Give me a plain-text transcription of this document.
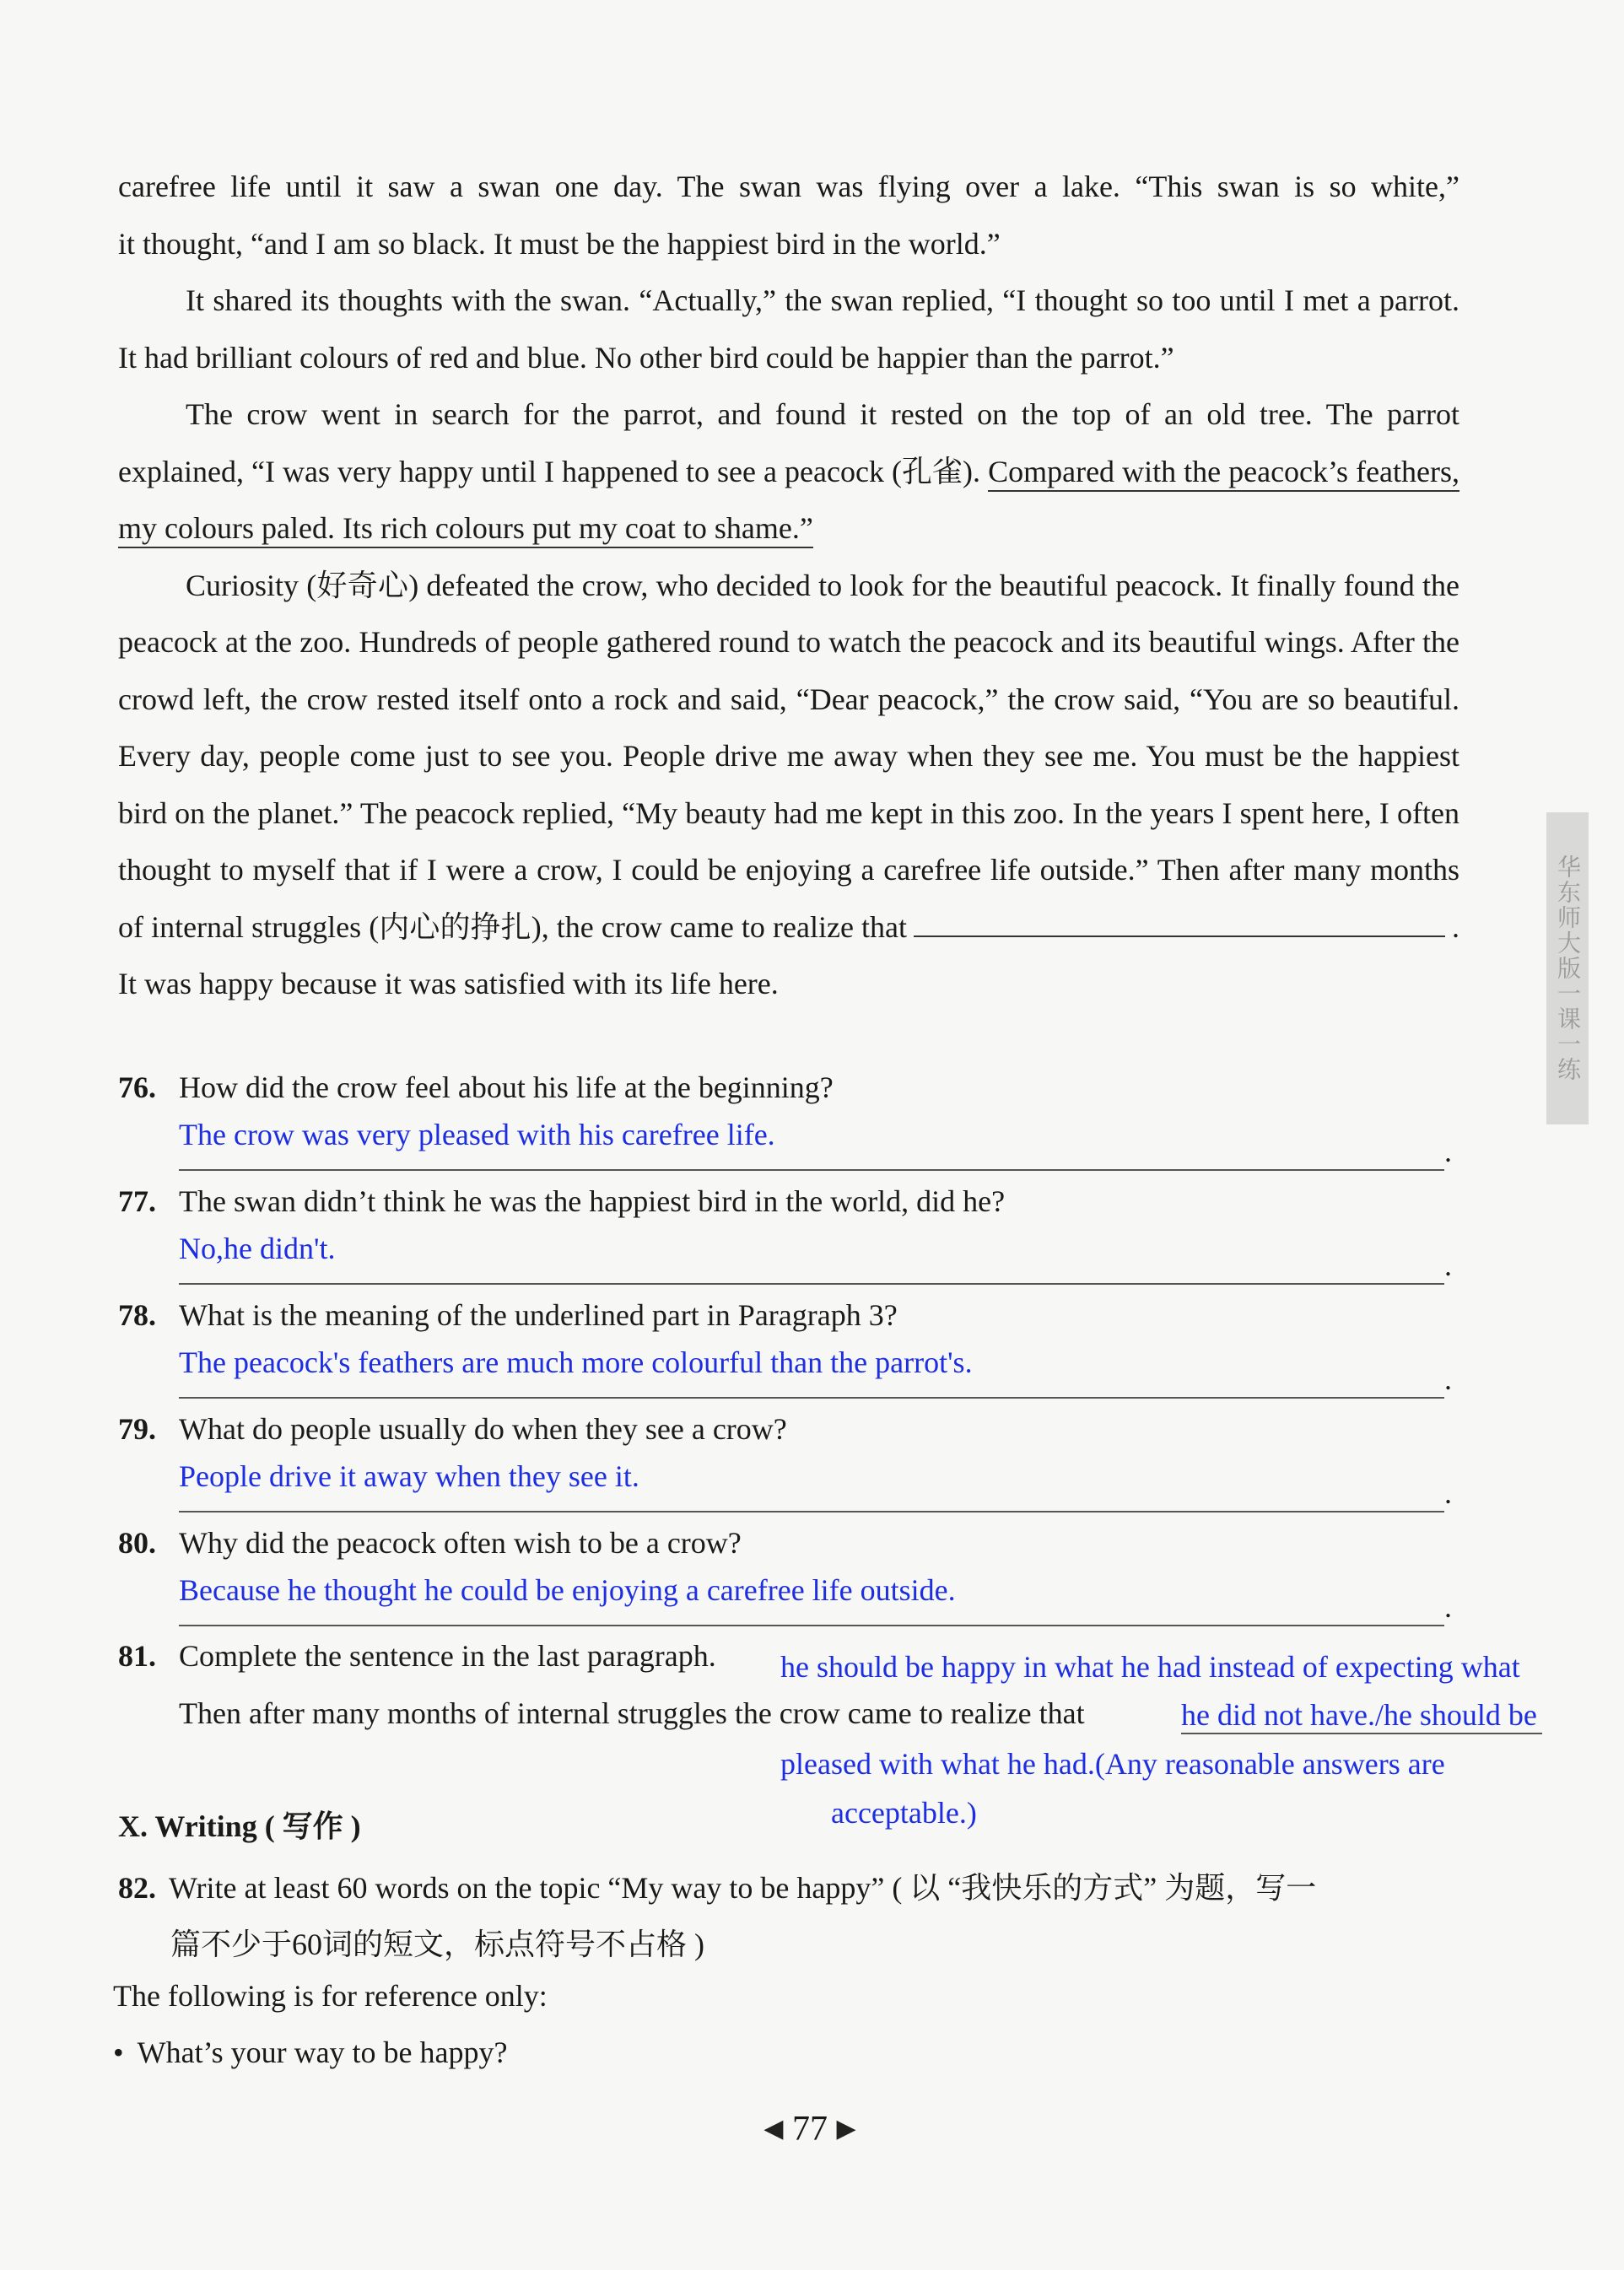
carefree life until it saw a swan one day. The swan was flying over a lake. “This swan is so white,”

it thought, “and I am so black. It must be the happiest bird in the world.”

It shared its thoughts with the swan. “Actually,” the swan replied, “I thought so too until I met a parrot. It had brilliant colours of red and blue. No other bird could be happier than the parrot.”

The crow went in search for the parrot, and found it rested on the top of an old tree. The parrot explained, “I was very happy until I happened to see a peacock (孔雀). Compared with the peacock’s feathers, my colours paled. Its rich colours put my coat to shame.”

Curiosity (好奇心) defeated the crow, who decided to look for the beautiful peacock. It finally found the peacock at the zoo. Hundreds of people gathered round to watch the peacock and its beautiful wings. After the crowd left, the crow rested itself onto a rock and said, “Dear peacock,” the crow said, “You are so beautiful. Every day, people come just to see you. People drive me away when they see me. You must be the happiest bird on the planet.” The peacock replied, “My beauty had me kept in this zoo. In the years I spent here, I often thought to myself that if I were a crow, I could be enjoying a carefree life outside.” Then after many months of internal struggles (内心的挣扎), the crow came to realize that	. It was happy because it was satisfied with its life here.

76. How did the crow feel about his life at the beginning?
The crow was very pleased with his carefree life.	.
77. The swan didn’t think he was the happiest bird in the world, did he?
No,he didn't.	.
78. What is the meaning of the underlined part in Paragraph 3?
The peacock's feathers are much more colourful than the parrot's.	.
79. What do people usually do when they see a crow?
People drive it away when they see it.	.
80. Why did the peacock often wish to be a crow?
Because he thought he could be enjoying a carefree life outside.	.
81. Complete the sentence in the last paragraph.	he should be happy in what he had instead of expecting what
Then after many months of internal struggles the crow came to realize that	he did not have./he should be
pleased with what he had.(Any reasonable answers are
X. Writing ( 写作 )	acceptable.)
82. Write at least 60 words on the topic “My way to be happy” ( 以 “我快乐的方式” 为题，写一
篇不少于60词的短文，标点符号不占格 )
The following is for reference only:
• What’s your way to be happy?
华东师大版一课一练
◀ 77 ▶
